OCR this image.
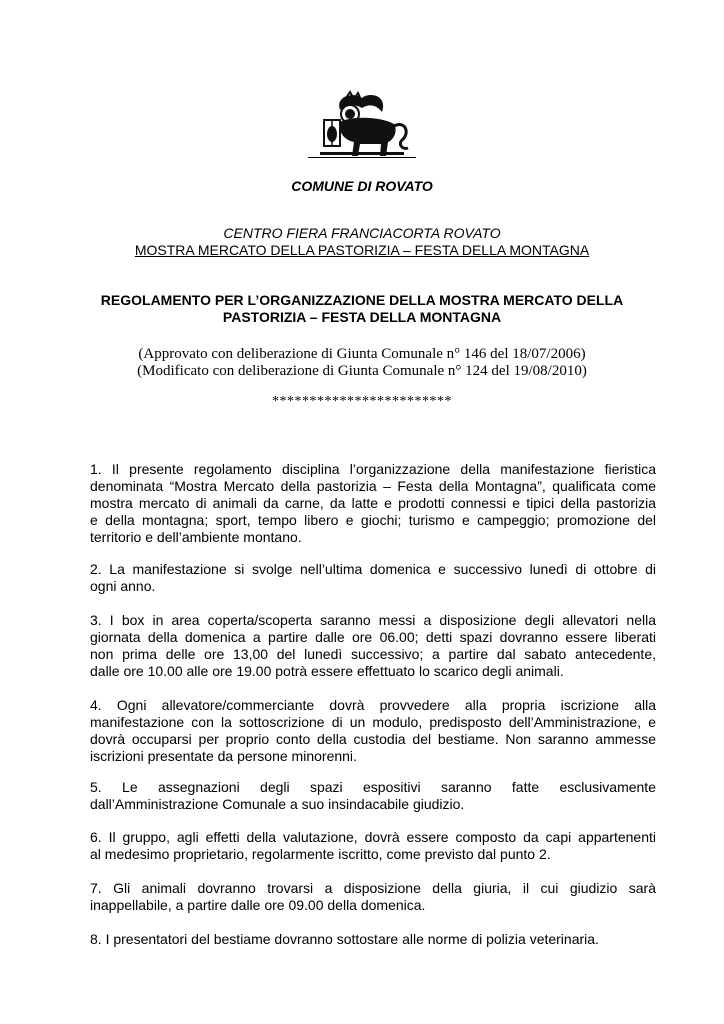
COMUNE DI ROVATO
CENTRO FIERA FRANCIACORTA ROVATO
MOSTRA MERCATO DELLA PASTORIZIA – FESTA DELLA MONTAGNA
REGOLAMENTO PER L’ORGANIZZAZIONE DELLA MOSTRA MERCATO DELLA
PASTORIZIA – FESTA DELLA MONTAGNA
(Approvato con deliberazione di Giunta Comunale n° 146 del 18/07/2006)
(Modificato con deliberazione di Giunta Comunale n° 124 del 19/08/2010)
************************
1. Il presente regolamento disciplina l’organizzazione della manifestazione fieristica
denominata “Mostra Mercato della pastorizia – Festa della Montagna”, qualificata come
mostra mercato di animali da carne, da latte e prodotti connessi e tipici della pastorizia
e della montagna; sport, tempo libero e giochi; turismo e campeggio; promozione del
territorio e dell’ambiente montano.
2. La manifestazione si svolge nell’ultima domenica e successivo lunedì di ottobre di
ogni anno.
3. I box in area coperta/scoperta saranno messi a disposizione degli allevatori nella
giornata della domenica a partire dalle ore 06.00; detti spazi dovranno essere liberati
non prima delle ore 13,00 del lunedì successivo; a partire dal sabato antecedente,
dalle ore 10.00 alle ore 19.00 potrà essere effettuato lo scarico degli animali.
4. Ogni allevatore/commerciante dovrà provvedere alla propria iscrizione alla
manifestazione con la sottoscrizione di un modulo, predisposto dell’Amministrazione, e
dovrà occuparsi per proprio conto della custodia del bestiame. Non saranno ammesse
iscrizioni presentate da persone minorenni.
5. Le assegnazioni degli spazi espositivi saranno fatte esclusivamente
dall’Amministrazione Comunale a suo insindacabile giudizio.
6. Il gruppo, agli effetti della valutazione, dovrà essere composto da capi appartenenti
al medesimo proprietario, regolarmente iscritto, come previsto dal punto 2.
7. Gli animali dovranno trovarsi a disposizione della giuria, il cui giudizio sarà
inappellabile, a partire dalle ore 09.00 della domenica.
8. I presentatori del bestiame dovranno sottostare alle norme di polizia veterinaria.
